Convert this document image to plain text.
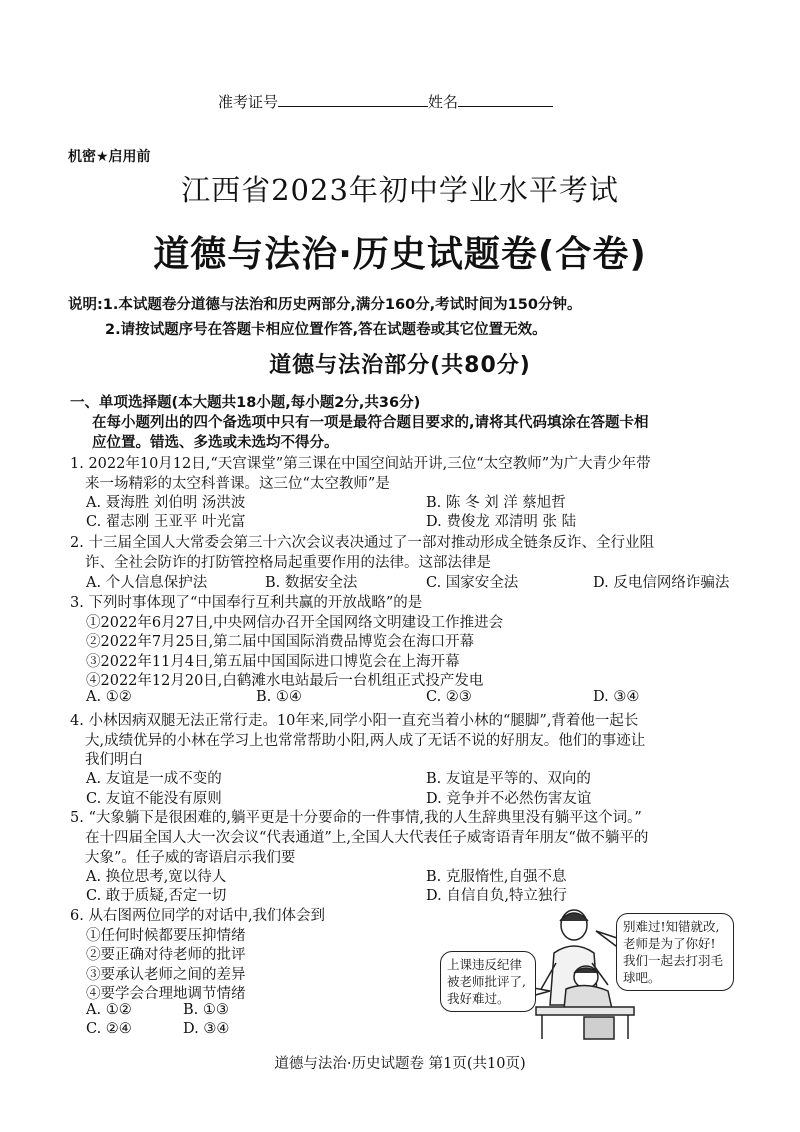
准考证号	姓名
机密★启用前
江西省2023年初中学业水平考试
道德与法治·历史试题卷(合卷)
说明:1.本试题卷分道德与法治和历史两部分,满分160分,考试时间为150分钟。
2.请按试题序号在答题卡相应位置作答,答在试题卷或其它位置无效。
道德与法治部分(共80分)
一、单项选择题(本大题共18小题,每小题2分,共36分)
在每小题列出的四个备选项中只有一项是最符合题目要求的,请将其代码填涂在答题卡相
应位置。错选、多选或未选均不得分。
1. 2022年10月12日,“天宫课堂”第三课在中国空间站开讲,三位“太空教师”为广大青少年带
来一场精彩的太空科普课。这三位“太空教师”是
A. 聂海胜 刘伯明 汤洪波	B. 陈 冬 刘 洋 蔡旭哲
C. 翟志刚 王亚平 叶光富	D. 费俊龙 邓清明 张 陆
2. 十三届全国人大常委会第三十六次会议表决通过了一部对推动形成全链条反诈、全行业阻
诈、全社会防诈的打防管控格局起重要作用的法律。这部法律是
A. 个人信息保护法	B. 数据安全法	C. 国家安全法	D. 反电信网络诈骗法
3. 下列时事体现了“中国奉行互利共赢的开放战略”的是
①2022年6月27日,中央网信办召开全国网络文明建设工作推进会
②2022年7月25日,第二届中国国际消费品博览会在海口开幕
③2022年11月4日,第五届中国国际进口博览会在上海开幕
④2022年12月20日,白鹤滩水电站最后一台机组正式投产发电
A. ①②	B. ①④	C. ②③	D. ③④
4. 小林因病双腿无法正常行走。10年来,同学小阳一直充当着小林的“腿脚”,背着他一起长
大,成绩优异的小林在学习上也常常帮助小阳,两人成了无话不说的好朋友。他们的事迹让
我们明白
A. 友谊是一成不变的	B. 友谊是平等的、双向的
C. 友谊不能没有原则	D. 竞争并不必然伤害友谊
5. “大象躺下是很困难的,躺平更是十分要命的一件事情,我的人生辞典里没有躺平这个词。”
在十四届全国人大一次会议“代表通道”上,全国人大代表任子威寄语青年朋友“做不躺平的
大象”。任子威的寄语启示我们要
A. 换位思考,宽以待人	B. 克服惰性,自强不息
C. 敢于质疑,否定一切	D. 自信自负,特立独行
6. 从右图两位同学的对话中,我们体会到
①任何时候都要压抑情绪
②要正确对待老师的批评
③要承认老师之间的差异
④要学会合理地调节情绪
A. ①②	B. ①③
C. ②④	D. ③④
上课违反纪律被老师批评了,我好难过。
别难过!知错就改,老师是为了你好!我们一起去打羽毛球吧。
道德与法治·历史试题卷 第1页(共10页)
